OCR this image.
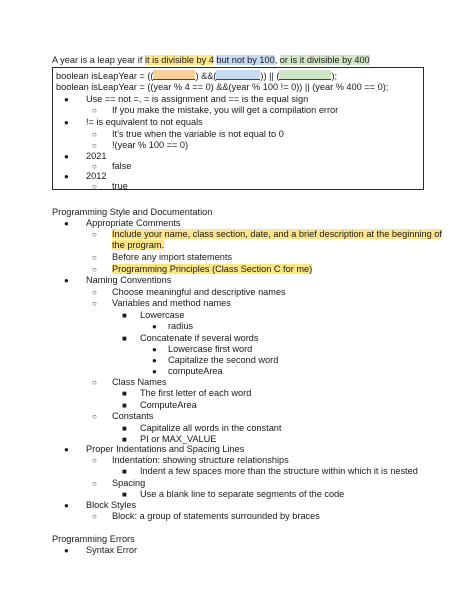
A year is a leap year if it is divisible by 4 but not by 100, or is it divisible by 400
boolean isLeapYear = ((	) &&(	)) || (	);
boolean isLeapYear = ((year % 4 == 0) &&(year % 100 != 0)) || (year % 400 == 0);
● Use == not =, = is assignment and == is the equal sign
○ If you make the mistake, you will get a compilation error
● != is equivalent to not equals
○ It's true when the variable is not equal to 0
○ !(year % 100 == 0)
● 2021
○ false
● 2012
○ true
Programming Style and Documentation
● Appropriate Comments
○ Include your name, class section, date, and a brief description at the beginning of
the program.
○ Before any import statements
○ Programming Principles (Class Section C for me)
● Naming Conventions
○ Choose meaningful and descriptive names
○ Variables and method names
■ Lowercase
● radius
■ Concatenate if several words
● Lowercase first word
● Capitalize the second word
● computeArea
○ Class Names
■ The first letter of each word
■ ComputeArea
○ Constants
■ Capitalize all words in the constant
■ PI or MAX_VALUE
● Proper Indentations and Spacing Lines
○ Indentation: showing structure relationships
■ Indent a few spaces more than the structure within which it is nested
○ Spacing
■ Use a blank line to separate segments of the code
● Block Styles
○ Block: a group of statements surrounded by braces
Programming Errors
● Syntax Error
